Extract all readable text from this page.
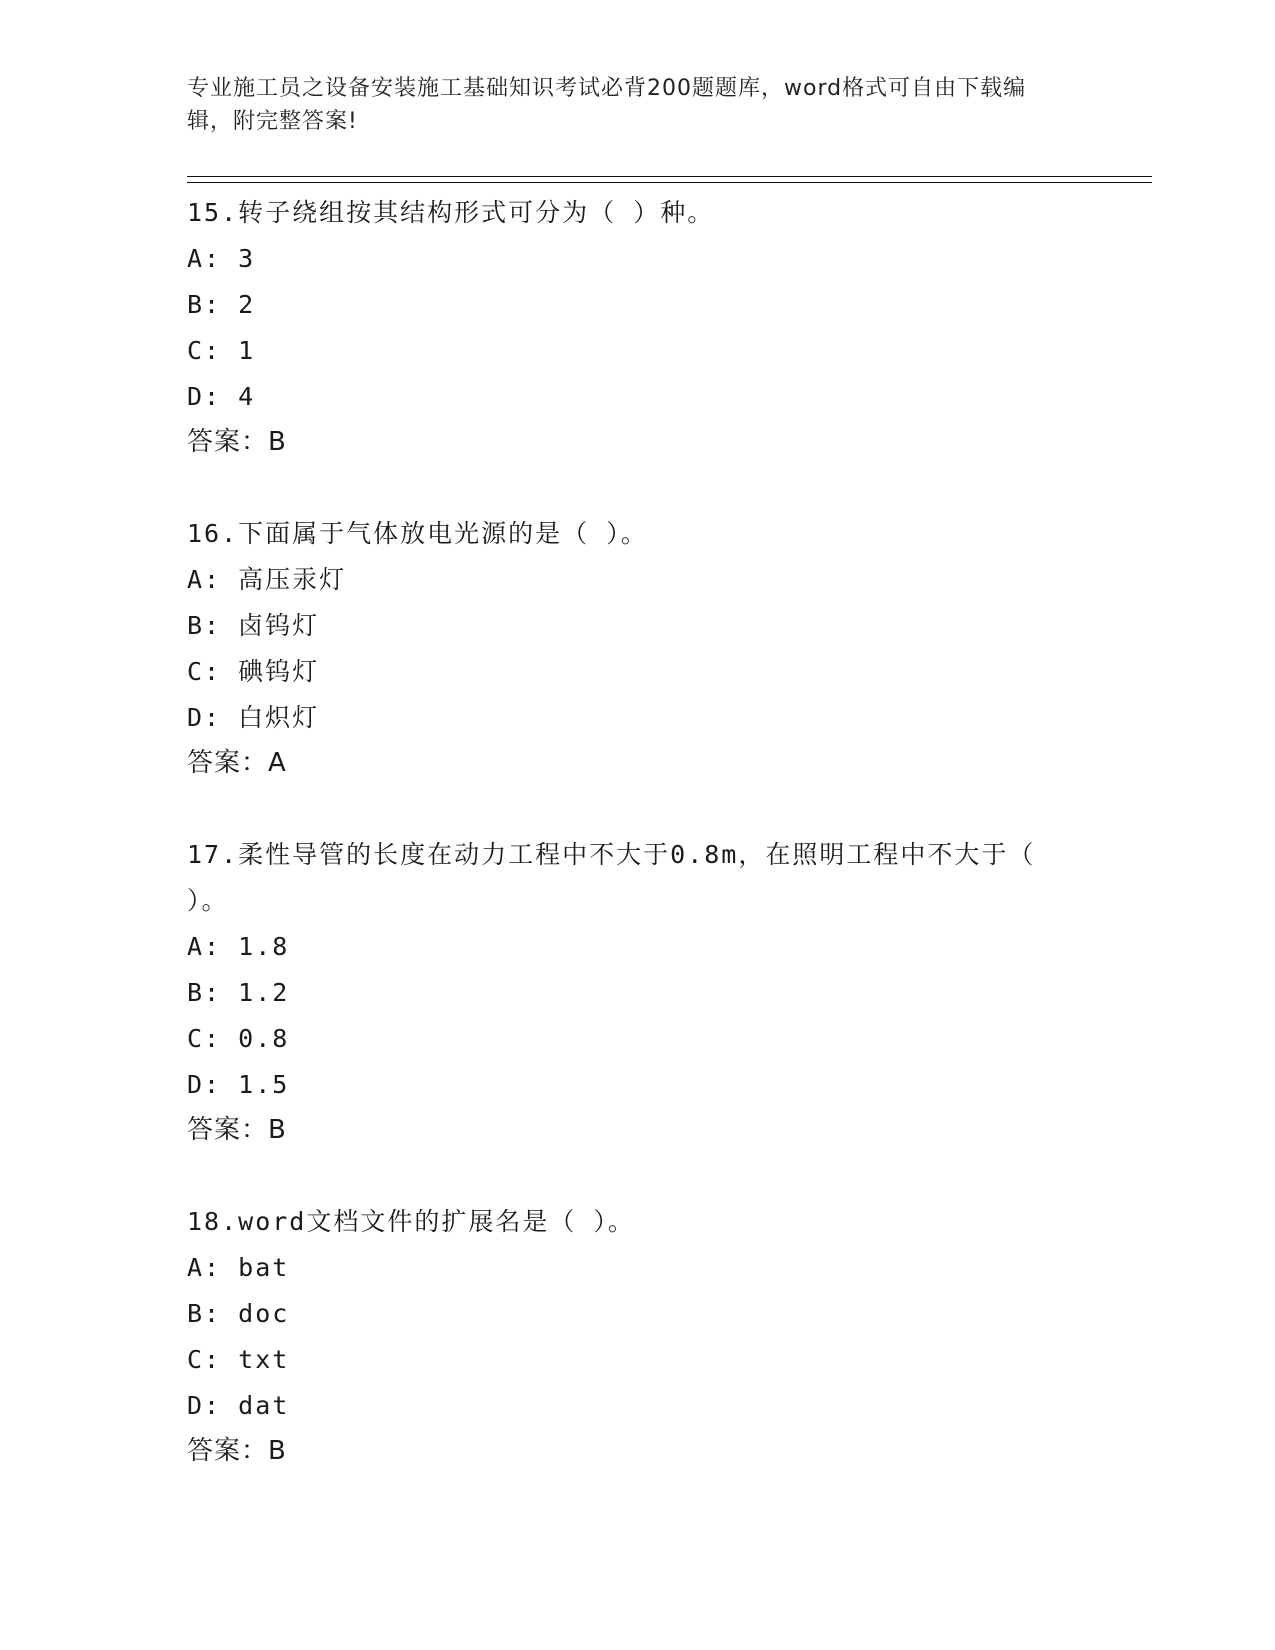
专业施工员之设备安装施工基础知识考试必背200题题库，word格式可自由下载编辑，附完整答案!
15.转子绕组按其结构形式可分为（ ）种。
A: 3
B: 2
C: 1
D: 4
答案：B
16.下面属于气体放电光源的是（ ）。
A: 高压汞灯
B: 卤钨灯
C: 碘钨灯
D: 白炽灯
答案：A
17.柔性导管的长度在动力工程中不大于0.8m，在照明工程中不大于（ ）。
A: 1.8
B: 1.2
C: 0.8
D: 1.5
答案：B
18.word文档文件的扩展名是（ ）。
A: bat
B: doc
C: txt
D: dat
答案：B
